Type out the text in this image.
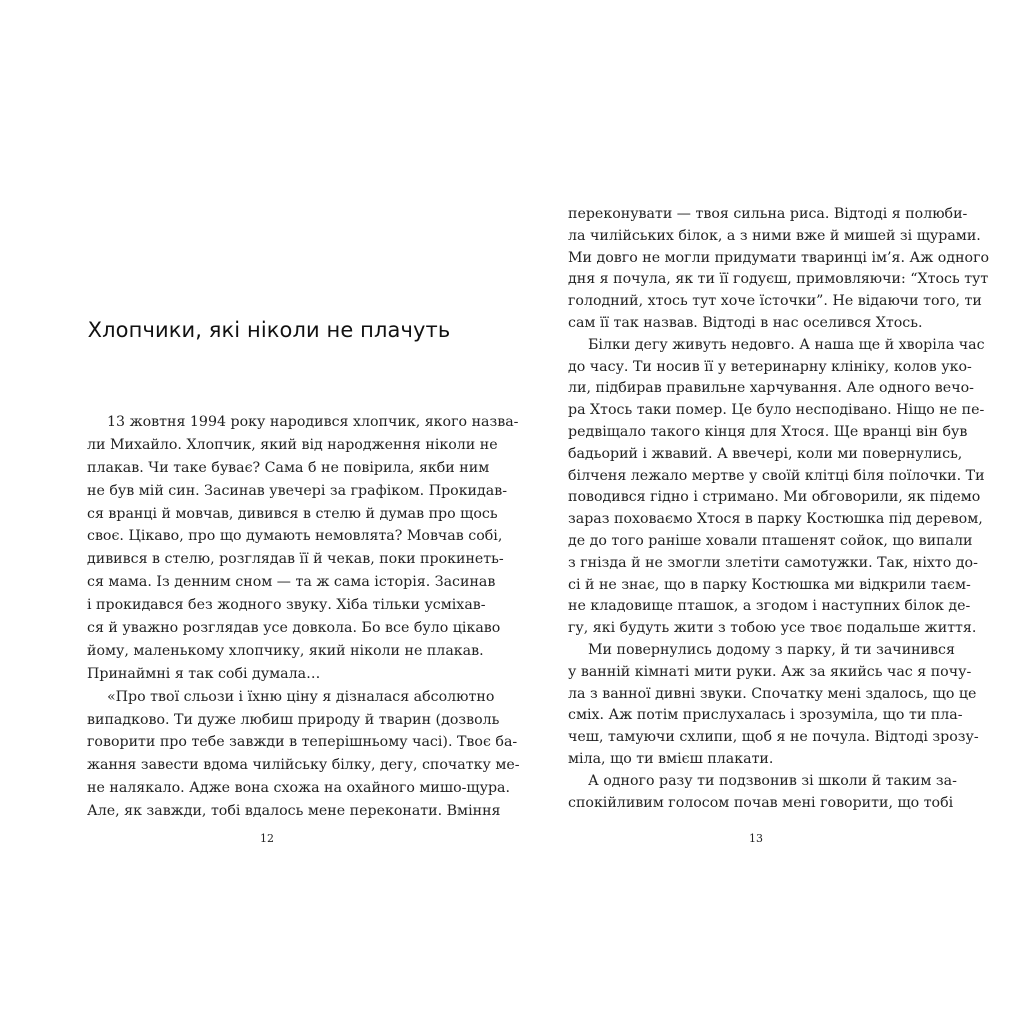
Хлопчики, які ніколи не плачуть
13 жовтня 1994 року народився хлопчик, якого назва-
ли Михайло. Хлопчик, який від народження ніколи не
плакав. Чи таке буває? Сама б не повірила, якби ним
не був мій син. Засинав увечері за графіком. Прокидав-
ся вранці й мовчав, дивився в стелю й думав про щось
своє. Цікаво, про що думають немовлята? Мовчав собі,
дивився в стелю, розглядав її й чекав, поки прокинеть-
ся мама. Із денним сном — та ж сама історія. Засинав
і прокидався без жодного звуку. Хіба тільки усміхав-
ся й уважно розглядав усе довкола. Бо все було цікаво
йому, маленькому хлопчику, який ніколи не плакав.
Принаймні я так собі думала…
«Про твої сльози і їхню ціну я дізналася абсолютно
випадково. Ти дуже любиш природу й тварин (дозволь
говорити про тебе завжди в теперішньому часі). Твоє ба-
жання завести вдома чилійську білку, дегу, спочатку ме-
не налякало. Адже вона схожа на охайного мишо-щура.
Але, як завжди, тобі вдалось мене переконати. Вміння
12
переконувати — твоя сильна риса. Відтоді я полюби-
ла чилійських білок, а з ними вже й мишей зі щурами.
Ми довго не могли придумати тваринці ім’я. Аж одного
дня я почула, як ти її годуєш, примовляючи: “Хтось тут
голодний, хтось тут хоче їсточки”. Не відаючи того, ти
сам її так назвав. Відтоді в нас оселився Хтось.
Білки дегу живуть недовго. А наша ще й хворіла час
до часу. Ти носив її у ветеринарну клініку, колов уко-
ли, підбирав правильне харчування. Але одного вечо-
ра Хтось таки помер. Це було несподівано. Ніщо не пе-
редвіщало такого кінця для Хтося. Ще вранці він був
бадьорий і жвавий. А ввечері, коли ми повернулись,
білченя лежало мертве у своїй клітці біля поїлочки. Ти
поводився гідно і стримано. Ми обговорили, як підемо
зараз поховаємо Хтося в парку Костюшка під деревом,
де до того раніше ховали пташенят сойок, що випали
з гнізда й не змогли злетіти самотужки. Так, ніхто до-
сі й не знає, що в парку Костюшка ми відкрили таєм-
не кладовище пташок, а згодом і наступних білок де-
гу, які будуть жити з тобою усе твоє подальше життя.
Ми повернулись додому з парку, й ти зачинився
у ванній кімнаті мити руки. Аж за якийсь час я почу-
ла з ванної дивні звуки. Спочатку мені здалось, що це
сміх. Аж потім прислухалась і зрозуміла, що ти пла-
чеш, тамуючи схлипи, щоб я не почула. Відтоді зрозу-
міла, що ти вмієш плакати.
А одного разу ти подзвонив зі школи й таким за-
спокійливим голосом почав мені говорити, що тобі
13
